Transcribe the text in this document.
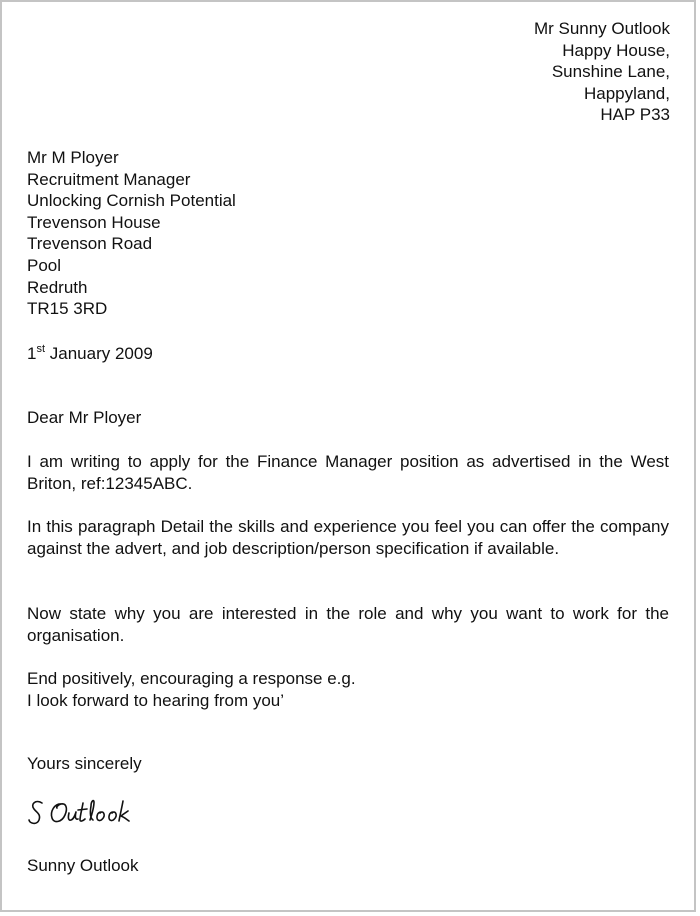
Mr Sunny Outlook
Happy House,
Sunshine Lane,
Happyland,
HAP P33
Mr M Ployer
Recruitment Manager
Unlocking Cornish Potential
Trevenson House
Trevenson Road
Pool
Redruth
TR15 3RD
1st January 2009
Dear Mr Ployer
I am writing to apply for the Finance Manager position as advertised in the West Briton, ref:12345ABC.
In this paragraph Detail the skills and experience you feel you can offer the company against the advert, and job description/person specification if available.
Now state why you are interested in the role and why you want to work for the organisation.
End positively, encouraging a response e.g.
I look forward to hearing from you’
Yours sincerely
Sunny Outlook
